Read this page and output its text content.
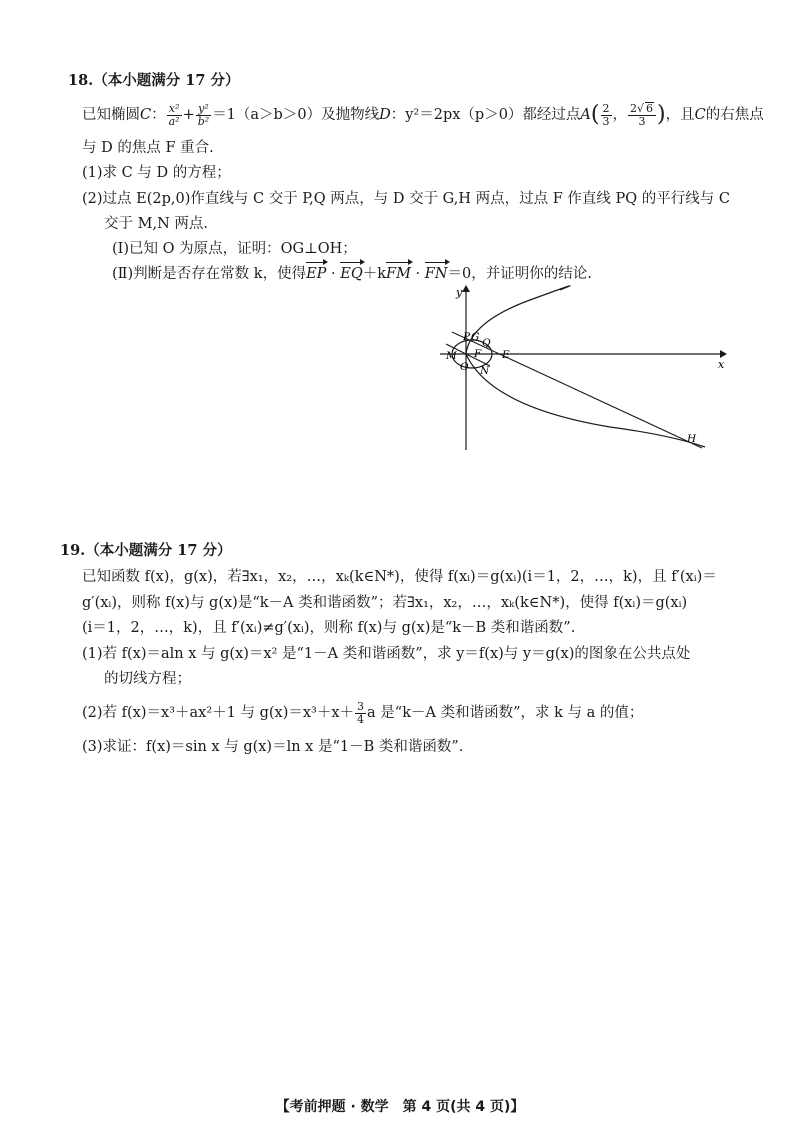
18.（本小题满分 17 分）
已知椭圆C： $\frac{\text{x²}}{\text{a²}} + \frac{\text{y²}}{\text{b²}} =1(a>b>0)$及抛物线D：y²＝2px（p＞0）都经过点$A( \frac{2}{3}$ ， $\frac{2√ 6}{3}$ )，且C的右焦点
与 D 的焦点 F 重合.
(1)求 C 与 D 的方程；
(2)过点 E(2p,0)作直线与 C 交于 P,Q 两点，与 D 交于 G,H 两点，过点 F 作直线 PQ 的平行线与 C
交于 M,N 两点.
(Ⅰ)已知 O 为原点，证明：OG⊥OH；
(Ⅱ)判断是否存在常数 k，使得EP · EQ＋kFM · FN＝0，并证明你的结论.
y
x
P G Q
M F E
O N
H
19.（本小题满分 17 分）
已知函数 f(x)，g(x)，若∃x₁，x₂，…，xₖ(k∈N*)，使得 f(xᵢ)＝g(xᵢ)(i＝1，2，…，k)，且 f′(xᵢ)＝
g′(xᵢ)，则称 f(x)与 g(x)是“k－A 类和谐函数”；若∃x₁，x₂，…，xₖ(k∈N*)，使得 f(xᵢ)＝g(xᵢ)
(i＝1，2，…，k)，且 f′(xᵢ)≠g′(xᵢ)，则称 f(x)与 g(x)是“k－B 类和谐函数”.
(1)若 f(x)＝aln x 与 g(x)＝x² 是“1－A 类和谐函数”，求 y＝f(x)与 y＝g(x)的图象在公共点处
的切线方程；
(2)若 f(x)＝x³＋ax²＋1 与 $g(x)=x^3+x+ \frac{3}{4}$ a 是“k－A 类和谐函数”，求 k 与 a 的值；
(3)求证：f(x)＝sin x 与 g(x)＝ln x 是“1－B 类和谐函数”.
【考前押题 · 数学　第 4 页(共 4 页)】
